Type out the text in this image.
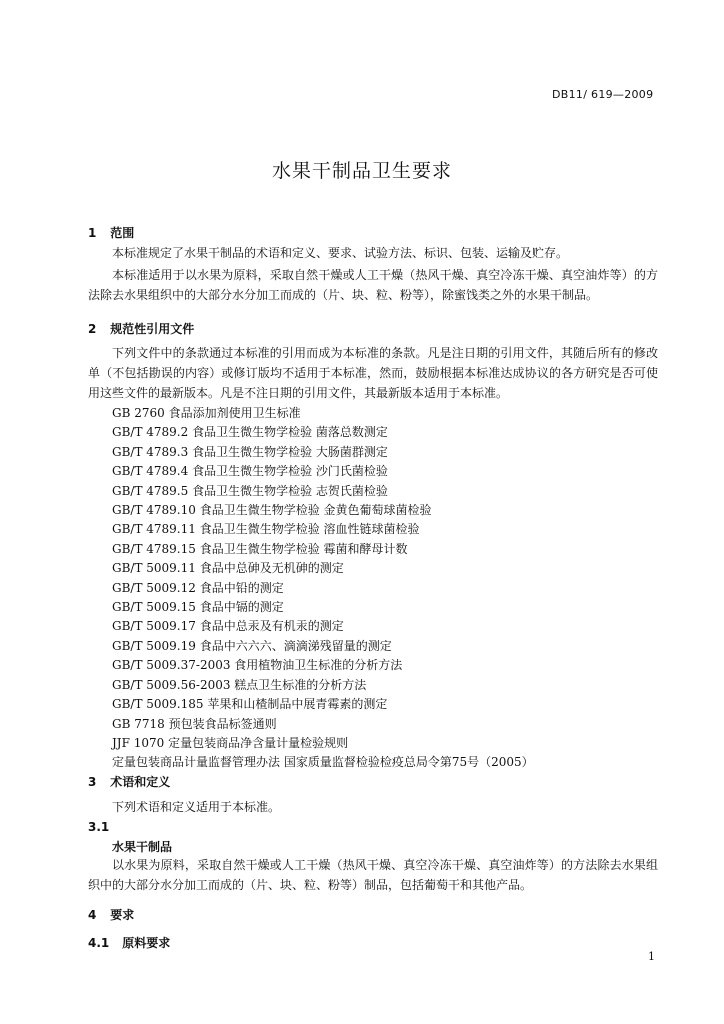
DB11/ 619—2009
水果干制品卫生要求
1 范围
本标准规定了水果干制品的术语和定义、要求、试验方法、标识、包装、运输及贮存。
本标准适用于以水果为原料，采取自然干燥或人工干燥（热风干燥、真空冷冻干燥、真空油炸等）的方法除去水果组织中的大部分水分加工而成的（片、块、粒、粉等），除蜜饯类之外的水果干制品。
2 规范性引用文件
下列文件中的条款通过本标准的引用而成为本标准的条款。凡是注日期的引用文件，其随后所有的修改单（不包括勘误的内容）或修订版均不适用于本标准，然而，鼓励根据本标准达成协议的各方研究是否可使用这些文件的最新版本。凡是不注日期的引用文件，其最新版本适用于本标准。
GB 2760 食品添加剂使用卫生标准
GB/T 4789.2 食品卫生微生物学检验 菌落总数测定
GB/T 4789.3 食品卫生微生物学检验 大肠菌群测定
GB/T 4789.4 食品卫生微生物学检验 沙门氏菌检验
GB/T 4789.5 食品卫生微生物学检验 志贺氏菌检验
GB/T 4789.10 食品卫生微生物学检验 金黄色葡萄球菌检验
GB/T 4789.11 食品卫生微生物学检验 溶血性链球菌检验
GB/T 4789.15 食品卫生微生物学检验 霉菌和酵母计数
GB/T 5009.11 食品中总砷及无机砷的测定
GB/T 5009.12 食品中铅的测定
GB/T 5009.15 食品中镉的测定
GB/T 5009.17 食品中总汞及有机汞的测定
GB/T 5009.19 食品中六六六、滴滴涕残留量的测定
GB/T 5009.37-2003 食用植物油卫生标准的分析方法
GB/T 5009.56-2003 糕点卫生标准的分析方法
GB/T 5009.185 苹果和山楂制品中展青霉素的测定
GB 7718 预包装食品标签通则
JJF 1070 定量包装商品净含量计量检验规则
定量包装商品计量监督管理办法 国家质量监督检验检疫总局令第75号（2005）
3 术语和定义
下列术语和定义适用于本标准。
3.1
水果干制品
以水果为原料，采取自然干燥或人工干燥（热风干燥、真空冷冻干燥、真空油炸等）的方法除去水果组织中的大部分水分加工而成的（片、块、粒、粉等）制品，包括葡萄干和其他产品。
4 要求
4.1 原料要求
1
